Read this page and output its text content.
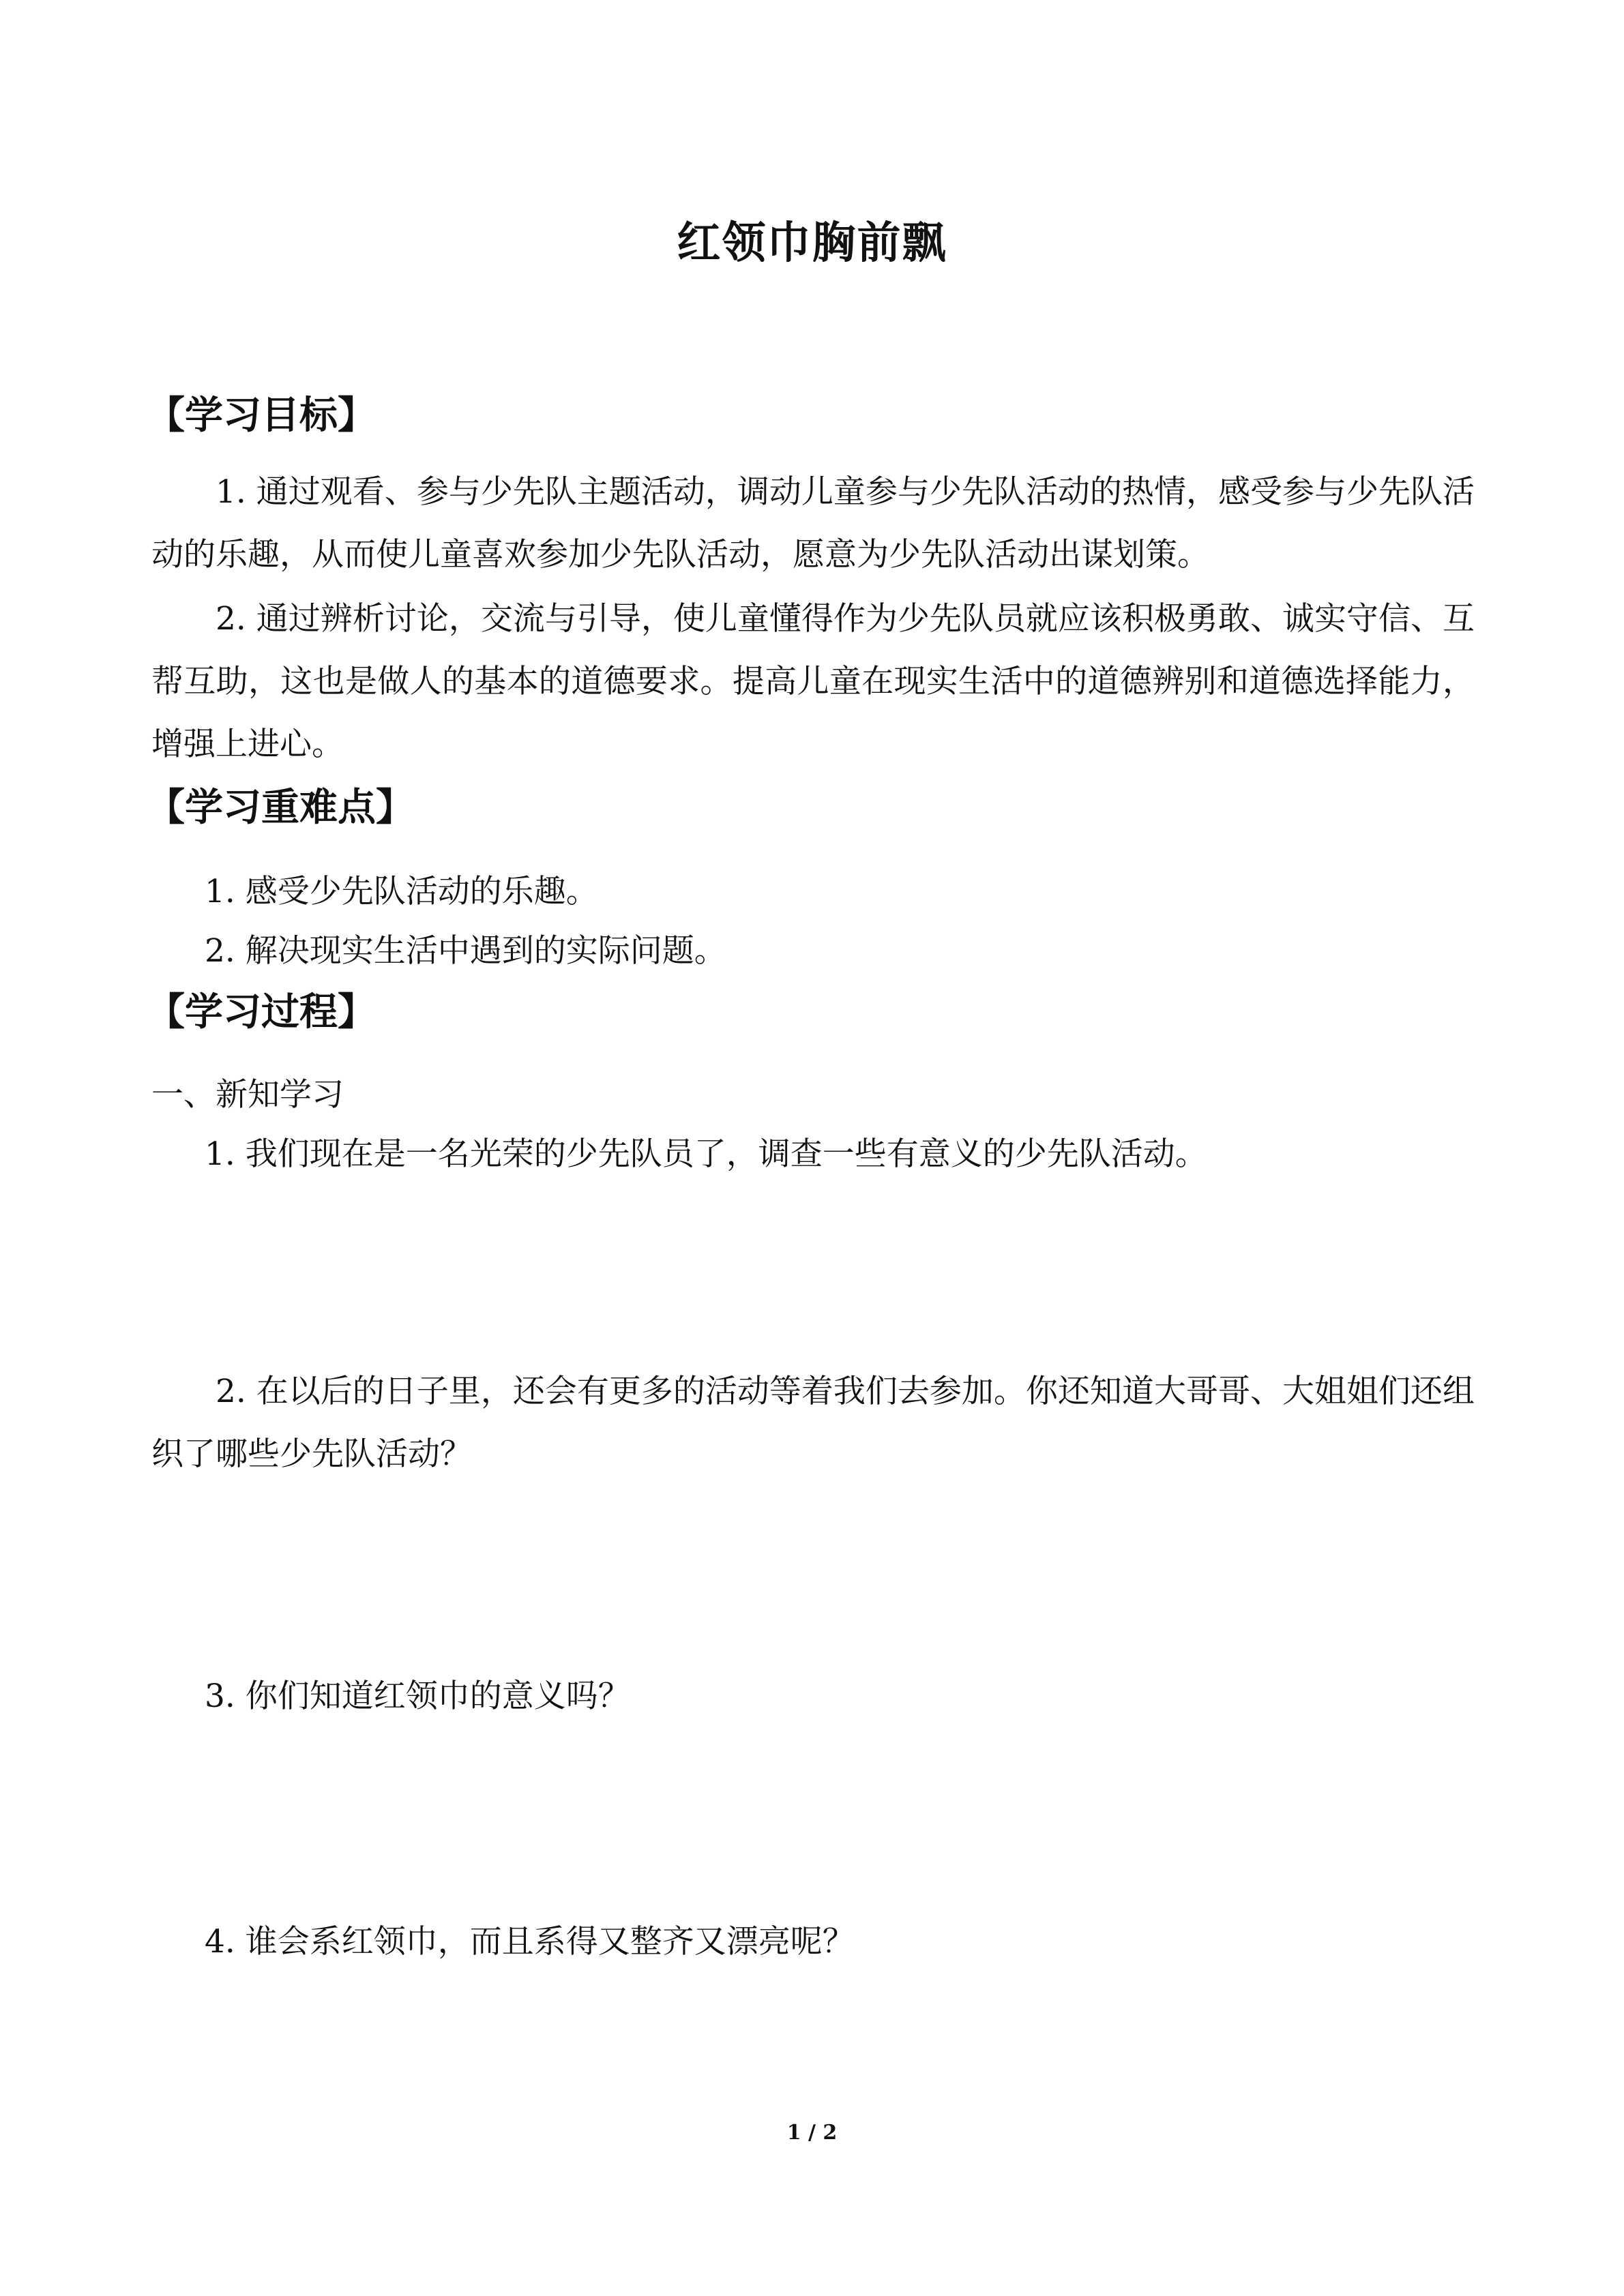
红领巾胸前飘
【学习目标】
1. 通过观看、参与少先队主题活动，调动儿童参与少先队活动的热情，感受参与少先队活动的乐趣，从而使儿童喜欢参加少先队活动，愿意为少先队活动出谋划策。
2. 通过辨析讨论，交流与引导，使儿童懂得作为少先队员就应该积极勇敢、诚实守信、互帮互助，这也是做人的基本的道德要求。提高儿童在现实生活中的道德辨别和道德选择能力，增强上进心。
【学习重难点】
1. 感受少先队活动的乐趣。
2. 解决现实生活中遇到的实际问题。
【学习过程】
一、新知学习
1. 我们现在是一名光荣的少先队员了，调查一些有意义的少先队活动。
2. 在以后的日子里，还会有更多的活动等着我们去参加。你还知道大哥哥、大姐姐们还组织了哪些少先队活动？
3. 你们知道红领巾的意义吗？
4. 谁会系红领巾，而且系得又整齐又漂亮呢？
1 / 2
